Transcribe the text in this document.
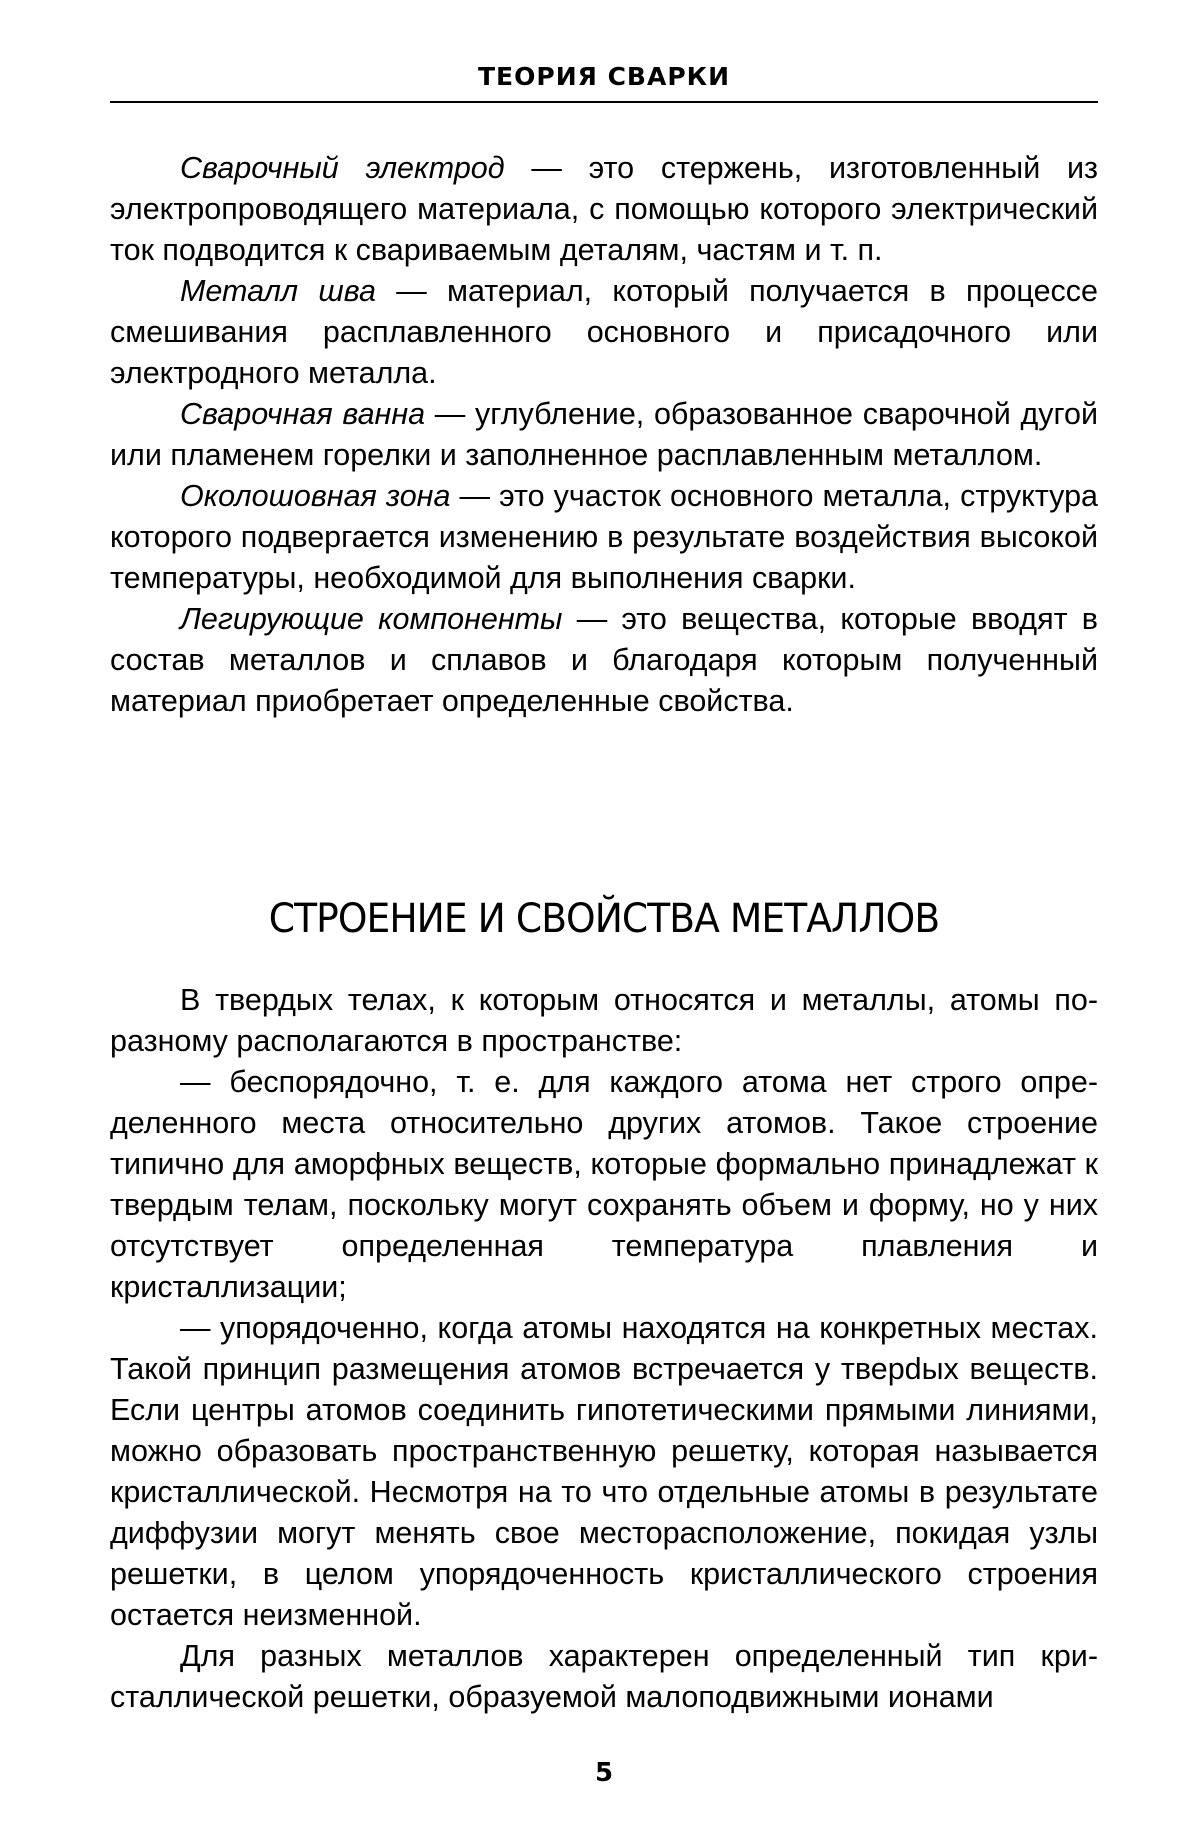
ТЕОРИЯ СВАРКИ

Сварочный электрод — это стержень, изготовленный из электропроводящего материала, с помощью которого электрический ток подводится к свариваемым деталям, частям и т. п.

Металл шва — материал, который получается в процессе смешивания расплавленного основного и присадочного или электродного металла.

Сварочная ванна — углубление, образованное сварочной дугой или пламенем горелки и заполненное расплавленным металлом.

Околошовная зона — это участок основного металла, структура которого подвергается изменению в результате воздействия высокой температуры, необходимой для выполнения сварки.

Легирующие компоненты — это вещества, которые вводят в состав металлов и сплавов и благодаря которым полученный материал приобретает определенные свойства.

СТРОЕНИЕ И СВОЙСТВА МЕТАЛЛОВ

В твердых телах, к которым относятся и металлы, атомы по-разному располагаются в пространстве:

— беспорядочно, т. е. для каждого атома нет строго определенного места относительно других атомов. Такое строение типично для аморфных веществ, которые формально принадлежат к твердым телам, поскольку могут сохранять объем и форму, но у них отсутствует определенная температура плавления и кристаллизации;

— упорядоченно, когда атомы находятся на конкретных местах. Такой принцип размещения атомов встречается у тверdых веществ. Если центры атомов соединить гипотетическими прямыми линиями, можно образовать пространственную решетку, которая называется кристаллической. Несмотря на то что отдельные атомы в результате диффузии могут менять свое месторасположение, покидая узлы решетки, в целом упорядоченность кристаллического строения остается неизменной.

Для разных металлов характерен определенный тип кристаллической решетки, образуемой малоподвижными ионами

5
